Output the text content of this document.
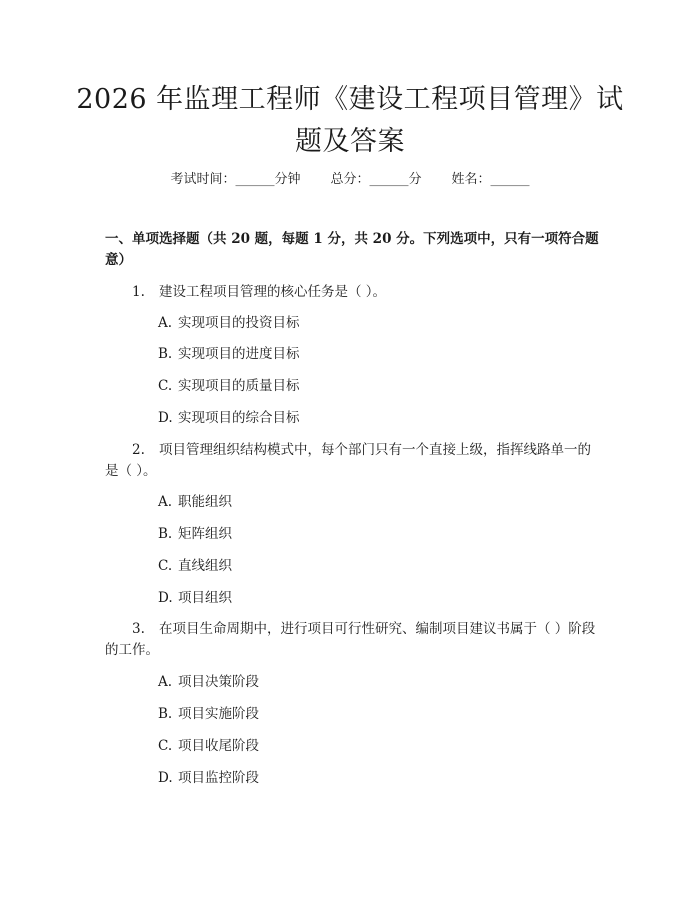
2026 年监理工程师《建设工程项目管理》试
题及答案
考试时间：______分钟 总分：______分 姓名：______
一、单项选择题（共 20 题，每题 1 分，共 20 分。下列选项中，只有一项符合题意）
1. 建设工程项目管理的核心任务是（ ）。
A. 实现项目的投资目标
B. 实现项目的进度目标
C. 实现项目的质量目标
D. 实现项目的综合目标
2. 项目管理组织结构模式中，每个部门只有一个直接上级，指挥线路单一的是（ ）。
A. 职能组织
B. 矩阵组织
C. 直线组织
D. 项目组织
3. 在项目生命周期中，进行项目可行性研究、编制项目建议书属于（ ）阶段的工作。
A. 项目决策阶段
B. 项目实施阶段
C. 项目收尾阶段
D. 项目监控阶段
